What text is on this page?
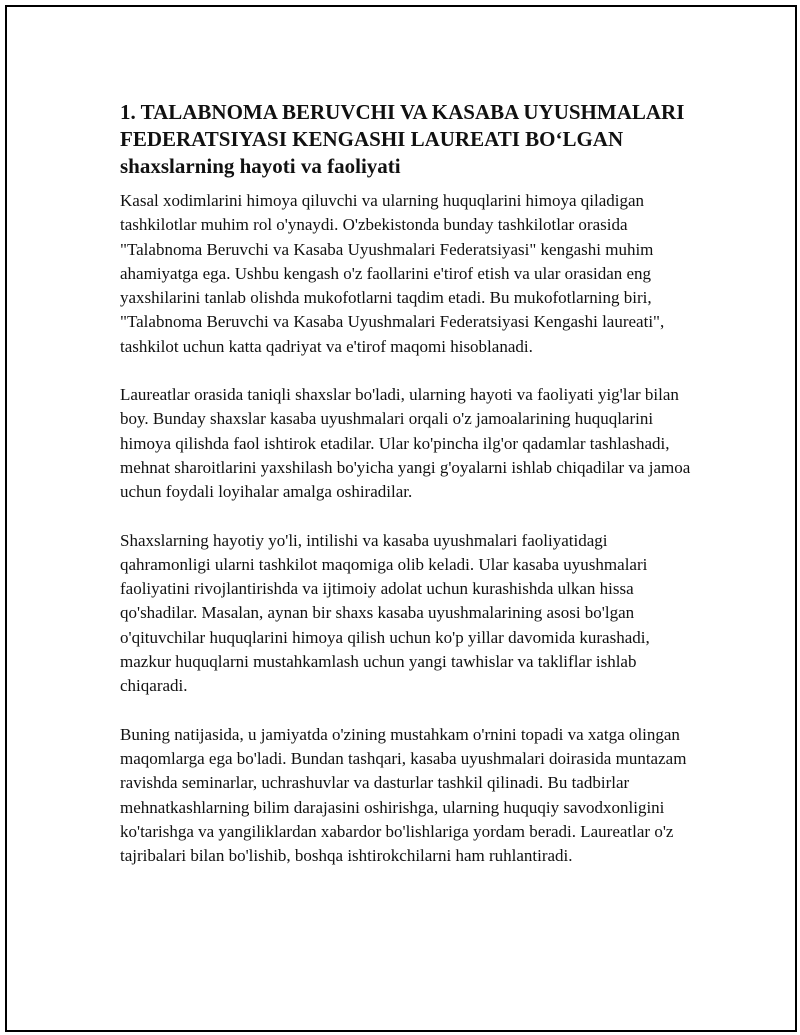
1. TALABNOMA BERUVCHI VA KASABA UYUSHMALARI FEDERATSIYASI KENGASHI LAUREATI BOʻLGAN shaxslarning hayoti va faoliyati

Kasal xodimlarini himoya qiluvchi va ularning huquqlarini himoya qiladigan tashkilotlar muhim rol o'ynaydi. O'zbekistonda bunday tashkilotlar orasida "Talabnoma Beruvchi va Kasaba Uyushmalari Federatsiyasi" kengashi muhim ahamiyatga ega. Ushbu kengash o'z faollarini e'tirof etish va ular orasidan eng yaxshilarini tanlab olishda mukofotlarni taqdim etadi. Bu mukofotlarning biri, "Talabnoma Beruvchi va Kasaba Uyushmalari Federatsiyasi Kengashi laureati", tashkilot uchun katta qadriyat va e'tirof maqomi hisoblanadi.

Laureatlar orasida taniqli shaxslar bo'ladi, ularning hayoti va faoliyati yig'lar bilan boy. Bunday shaxslar kasaba uyushmalari orqali o'z jamoalarining huquqlarini himoya qilishda faol ishtirok etadilar. Ular ko'pincha ilg'or qadamlar tashlashadi, mehnat sharoitlarini yaxshilash bo'yicha yangi g'oyalarni ishlab chiqadilar va jamoa uchun foydali loyihalar amalga oshiradilar.

Shaxslarning hayotiy yo'li, intilishi va kasaba uyushmalari faoliyatidagi qahramonligi ularni tashkilot maqomiga olib keladi. Ular kasaba uyushmalari faoliyatini rivojlantirishda va ijtimoiy adolat uchun kurashishda ulkan hissa qo'shadilar. Masalan, aynan bir shaxs kasaba uyushmalarining asosi bo'lgan o'qituvchilar huquqlarini himoya qilish uchun ko'p yillar davomida kurashadi, mazkur huquqlarni mustahkamlash uchun yangi tawhislar va takliflar ishlab chiqaradi.

Buning natijasida, u jamiyatda o'zining mustahkam o'rnini topadi va xatga olingan maqomlarga ega bo'ladi. Bundan tashqari, kasaba uyushmalari doirasida muntazam ravishda seminarlar, uchrashuvlar va dasturlar tashkil qilinadi. Bu tadbirlar mehnatkashlarning bilim darajasini oshirishga, ularning huquqiy savodxonligini ko'tarishga va yangiliklardan xabardor bo'lishlariga yordam beradi. Laureatlar o'z tajribalari bilan bo'lishib, boshqa ishtirokchilarni ham ruhlantiradi.
